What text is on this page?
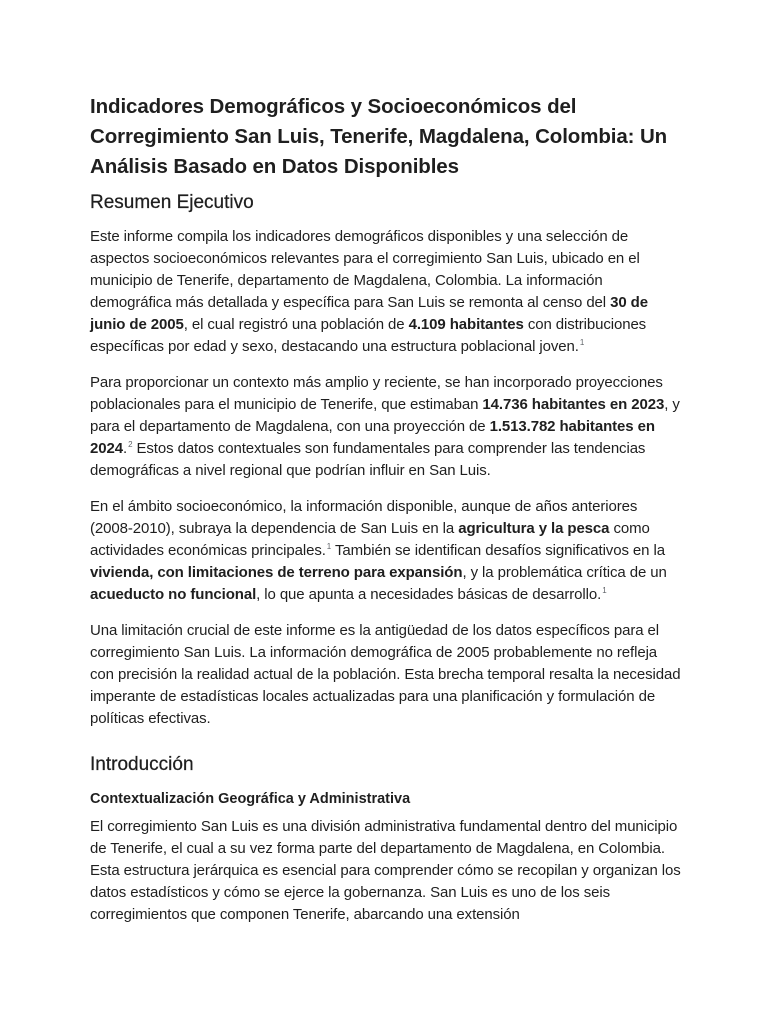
Indicadores Demográficos y Socioeconómicos del Corregimiento San Luis, Tenerife, Magdalena, Colombia: Un Análisis Basado en Datos Disponibles
Resumen Ejecutivo

Este informe compila los indicadores demográficos disponibles y una selección de aspectos socioeconómicos relevantes para el corregimiento San Luis, ubicado en el municipio de Tenerife, departamento de Magdalena, Colombia. La información demográfica más detallada y específica para San Luis se remonta al censo del 30 de junio de 2005, el cual registró una población de 4.109 habitantes con distribuciones específicas por edad y sexo, destacando una estructura poblacional joven.$^1$

Para proporcionar un contexto más amplio y reciente, se han incorporado proyecciones poblacionales para el municipio de Tenerife, que estimaban 14.736 habitantes en 2023, y para el departamento de Magdalena, con una proyección de 1.513.782 habitantes en 2024.$^2$ Estos datos contextuales son fundamentales para comprender las tendencias demográficas a nivel regional que podrían influir en San Luis.

En el ámbito socioeconómico, la información disponible, aunque de años anteriores (2008-2010), subraya la dependencia de San Luis en la agricultura y la pesca como actividades económicas principales.$^1$ También se identifican desafíos significativos en la vivienda, con limitaciones de terreno para expansión, y la problemática crítica de un acueducto no funcional, lo que apunta a necesidades básicas de desarrollo.$^1$

Una limitación crucial de este informe es la antigüedad de los datos específicos para el corregimiento San Luis. La información demográfica de 2005 probablemente no refleja con precisión la realidad actual de la población. Esta brecha temporal resalta la necesidad imperante de estadísticas locales actualizadas para una planificación y formulación de políticas efectivas.

Introducción
Contextualización Geográfica y Administrativa

El corregimiento San Luis es una división administrativa fundamental dentro del municipio de Tenerife, el cual a su vez forma parte del departamento de Magdalena, en Colombia. Esta estructura jerárquica es esencial para comprender cómo se recopilan y organizan los datos estadísticos y cómo se ejerce la gobernanza. San Luis es uno de los seis corregimientos que componen Tenerife, abarcando una extensión
